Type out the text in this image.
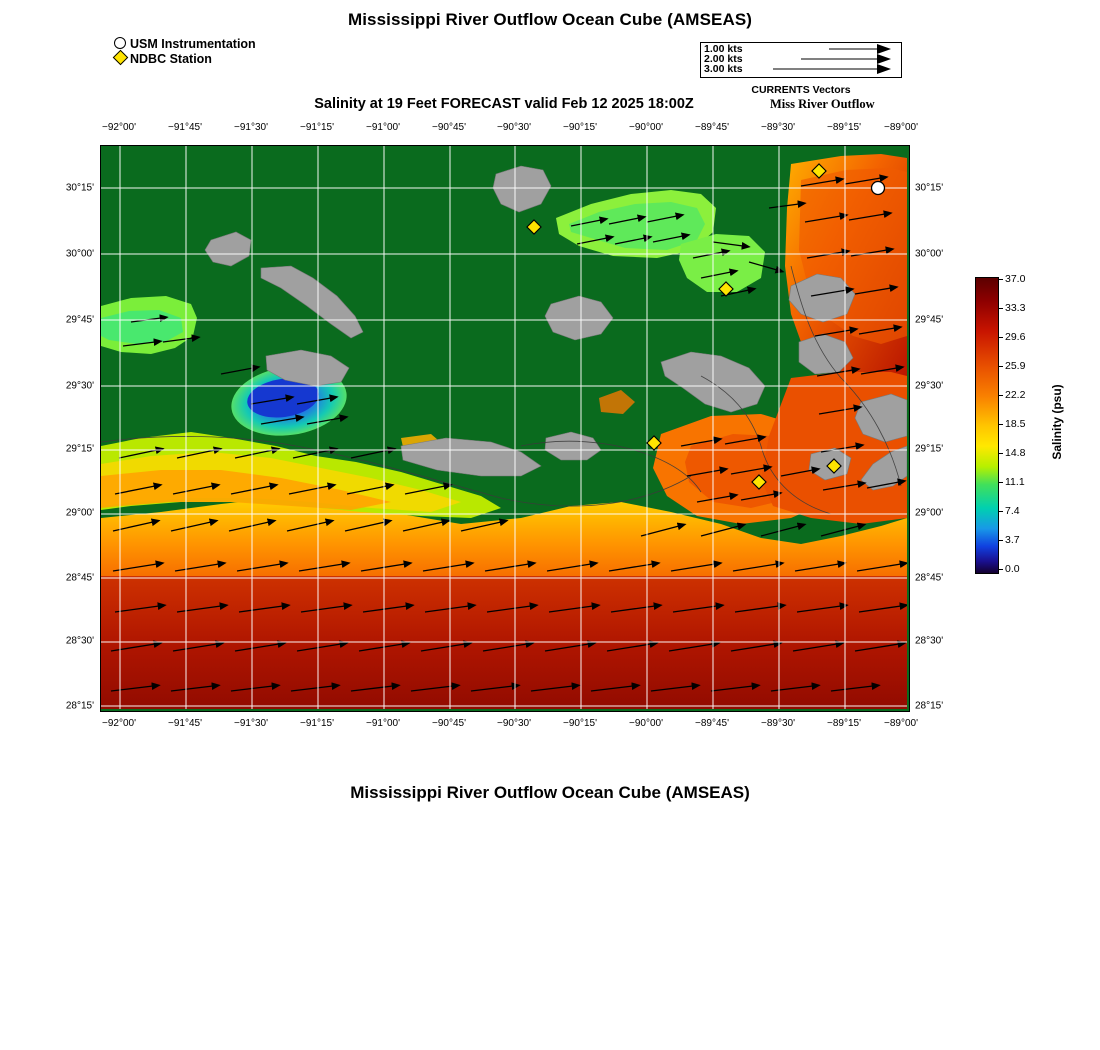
Mississippi River Outflow Ocean Cube (AMSEAS)
Salinity at 19 Feet FORECAST valid Feb 12 2025 18:00Z	Miss River Outflow
Mississippi River Outflow Ocean Cube (AMSEAS)
USM Instrumentation
NDBC Station
1.00 kts
2.00 kts
3.00 kts
CURRENTS Vectors
−92°00'	−91°45'	−91°30'	−91°15'	−91°00'	−90°45'	−90°30'	−90°15'	−90°00'	−89°45'	−89°30'	−89°15' −89°00'
−92°00'	−91°45'	−91°30'	−91°15'	−91°00'	−90°45'	−90°30'	−90°15'	−90°00'	−89°45'	−89°30'	−89°15' −89°00'
30°15'
30°00'
29°45'
29°30'
29°15'
29°00'
28°45'
28°30'
28°15'
30°15'
30°00'
29°45'
29°30'
29°15'
29°00'
28°45'
28°30'
28°15'
37.0
33.3
29.6
25.9
22.2
18.5
14.8
11.1
7.4
3.7
0.0
Salinity (psu)
